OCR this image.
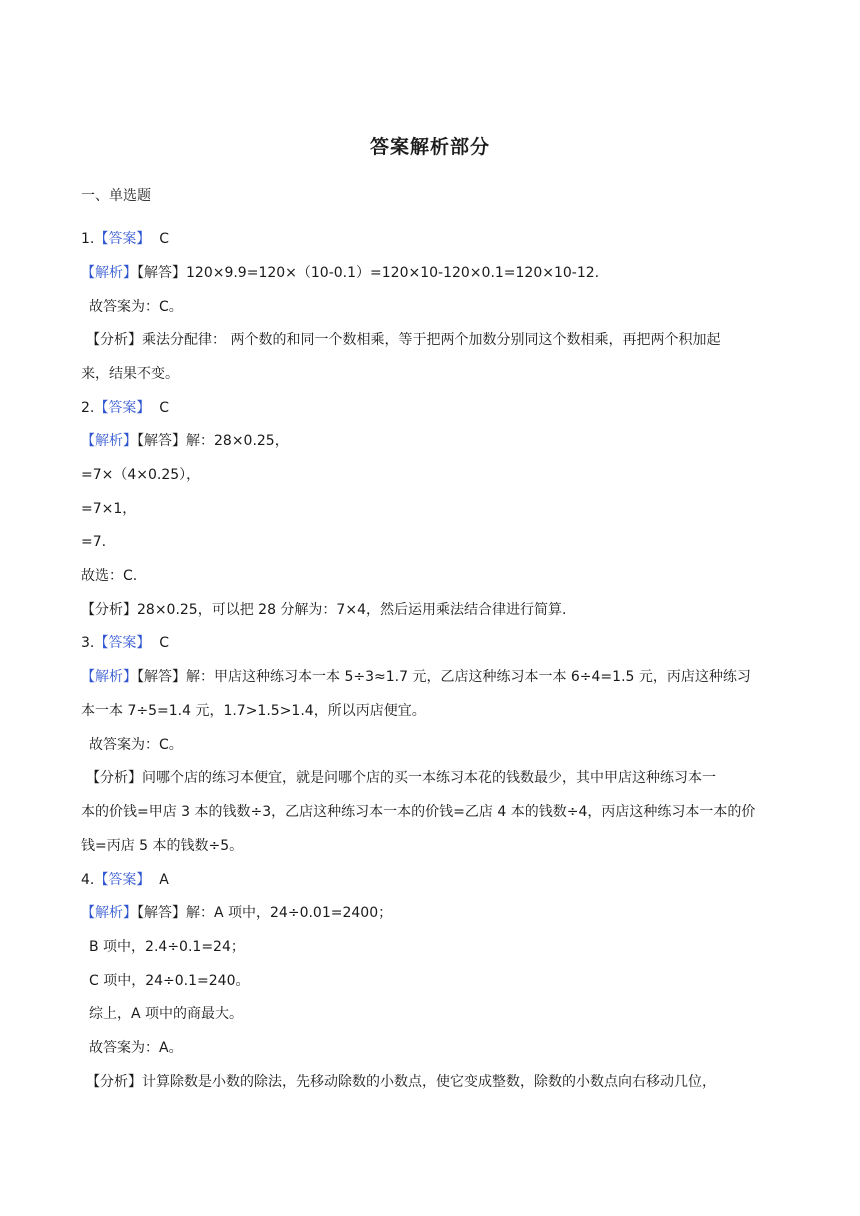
答案解析部分
一、单选题
1.【答案】 C
【解析】【解答】120×9.9=120×（10-0.1）=120×10-120×0.1=120×10-12.
故答案为：C。
【分析】乘法分配律： 两个数的和同一个数相乘，等于把两个加数分别同这个数相乘，再把两个积加起
来，结果不变。
2.【答案】 C
【解析】【解答】解：28×0.25，
=7×（4×0.25），
=7×1，
=7.
故选：C.
【分析】28×0.25，可以把 28 分解为：7×4，然后运用乘法结合律进行简算.
3.【答案】 C
【解析】【解答】解：甲店这种练习本一本 5÷3≈1.7 元，乙店这种练习本一本 6÷4=1.5 元，丙店这种练习
本一本 7÷5=1.4 元，1.7>1.5>1.4，所以丙店便宜。
故答案为：C。
【分析】问哪个店的练习本便宜，就是问哪个店的买一本练习本花的钱数最少，其中甲店这种练习本一
本的价钱=甲店 3 本的钱数÷3，乙店这种练习本一本的价钱=乙店 4 本的钱数÷4，丙店这种练习本一本的价
钱=丙店 5 本的钱数÷5。
4.【答案】 A
【解析】【解答】解：A 项中，24÷0.01=2400；
B 项中，2.4÷0.1=24；
C 项中，24÷0.1=240。
综上，A 项中的商最大。
故答案为：A。
【分析】计算除数是小数的除法，先移动除数的小数点，使它变成整数，除数的小数点向右移动几位，
